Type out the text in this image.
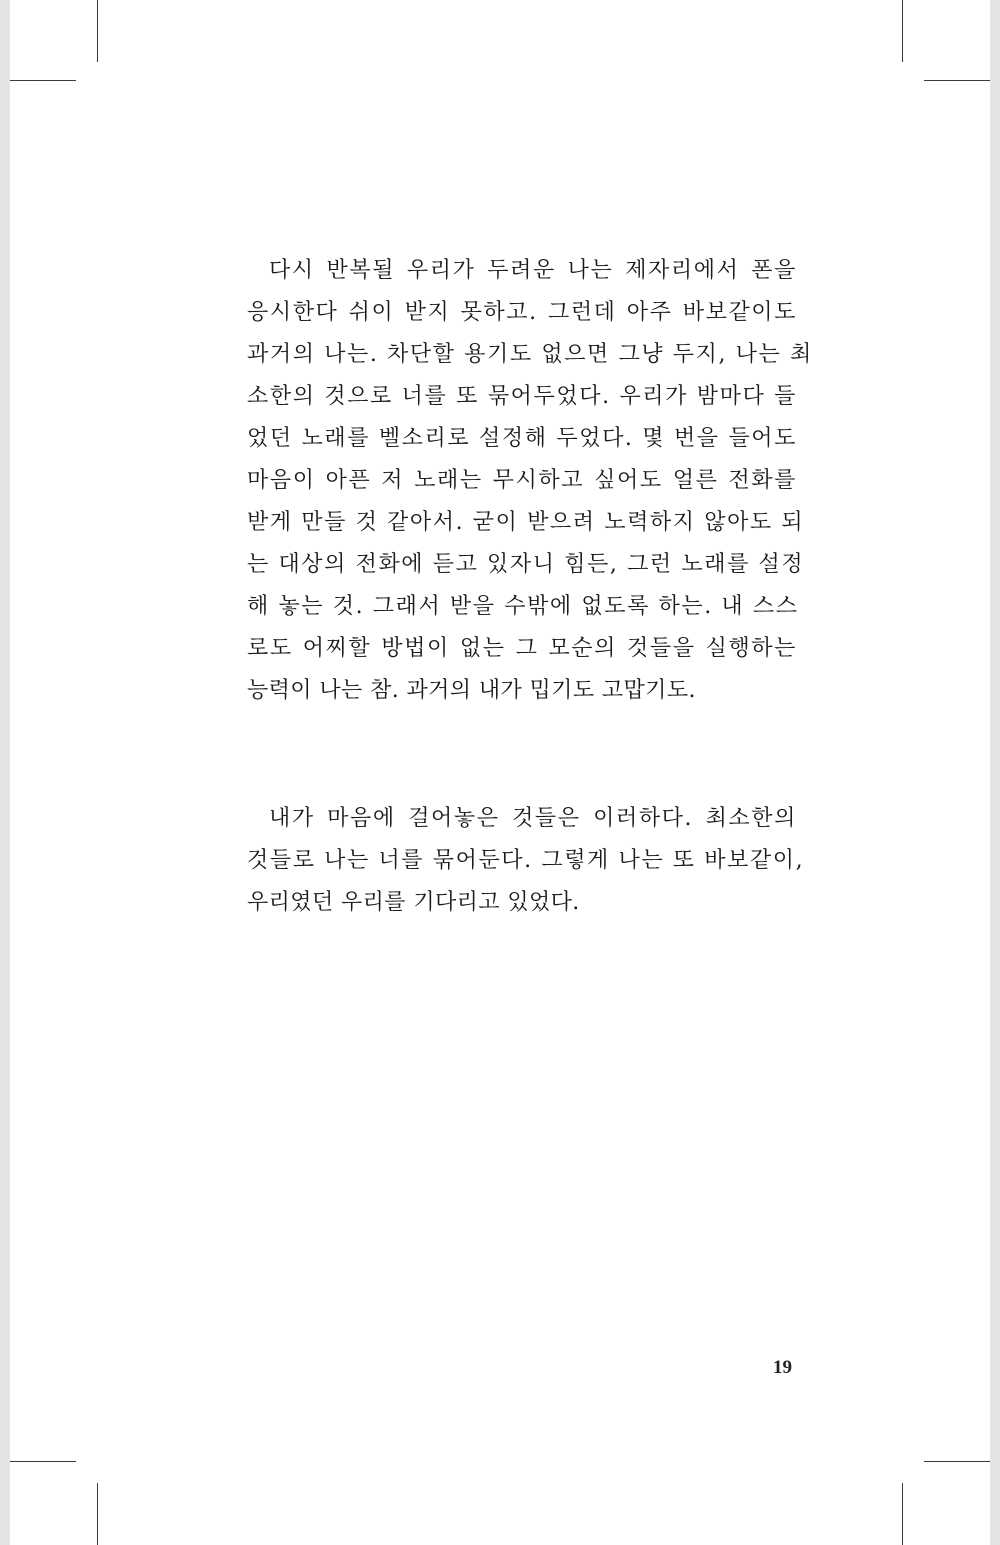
다시 반복될 우리가 두려운 나는 제자리에서 폰을
응시한다 쉬이 받지 못하고. 그런데 아주 바보같이도
과거의 나는. 차단할 용기도 없으면 그냥 두지, 나는 최
소한의 것으로 너를 또 묶어두었다. 우리가 밤마다 들
었던 노래를 벨소리로 설정해 두었다. 몇 번을 들어도
마음이 아픈 저 노래는 무시하고 싶어도 얼른 전화를
받게 만들 것 같아서. 굳이 받으려 노력하지 않아도 되
는 대상의 전화에 듣고 있자니 힘든, 그런 노래를 설정
해 놓는 것. 그래서 받을 수밖에 없도록 하는. 내 스스
로도 어찌할 방법이 없는 그 모순의 것들을 실행하는
능력이 나는 참. 과거의 내가 밉기도 고맙기도.
내가 마음에 걸어놓은 것들은 이러하다. 최소한의
것들로 나는 너를 묶어둔다. 그렇게 나는 또 바보같이,
우리였던 우리를 기다리고 있었다.
19
